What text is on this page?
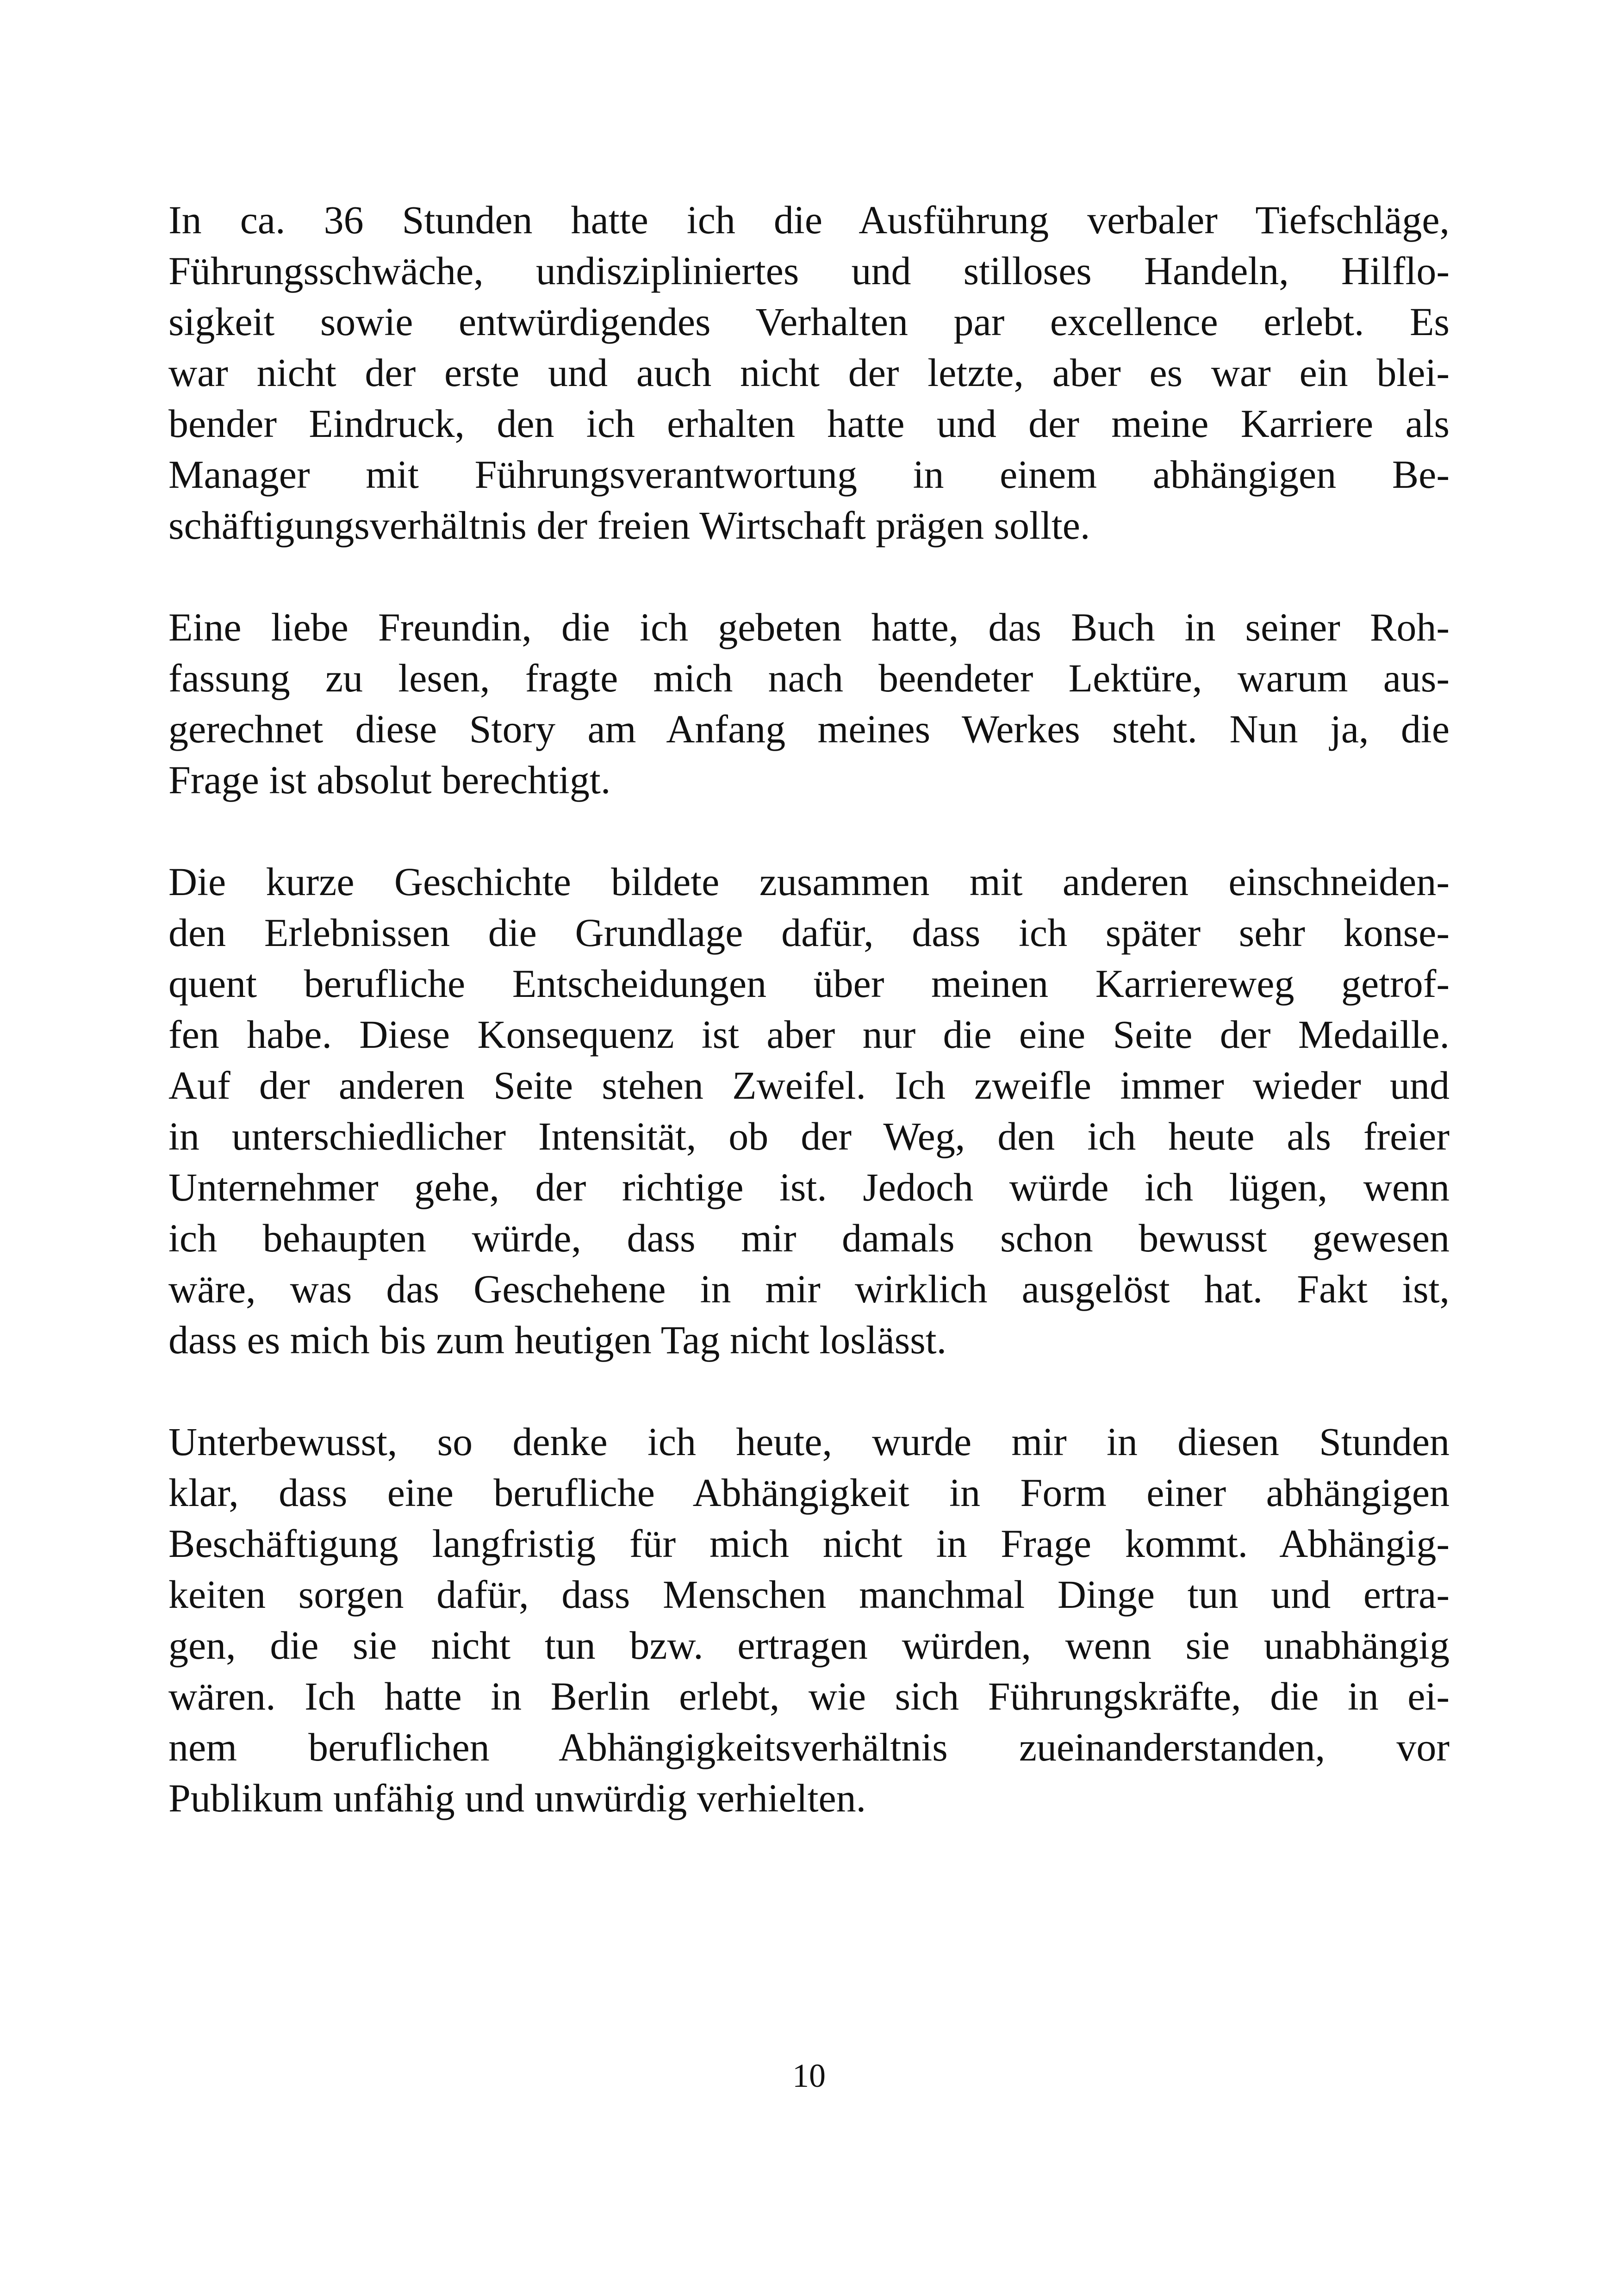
In ca. 36 Stunden hatte ich die Ausführung verbaler Tiefschläge,
Führungsschwäche, undiszipliniertes und stilloses Handeln, Hilflo-
sigkeit sowie entwürdigendes Verhalten par excellence erlebt. Es
war nicht der erste und auch nicht der letzte, aber es war ein blei-
bender Eindruck, den ich erhalten hatte und der meine Karriere als
Manager mit Führungsverantwortung in einem abhängigen Be-
schäftigungsverhältnis der freien Wirtschaft prägen sollte.

Eine liebe Freundin, die ich gebeten hatte, das Buch in seiner Roh-
fassung zu lesen, fragte mich nach beendeter Lektüre, warum aus-
gerechnet diese Story am Anfang meines Werkes steht. Nun ja, die
Frage ist absolut berechtigt.

Die kurze Geschichte bildete zusammen mit anderen einschneiden-
den Erlebnissen die Grundlage dafür, dass ich später sehr konse-
quent berufliche Entscheidungen über meinen Karriereweg getrof-
fen habe. Diese Konsequenz ist aber nur die eine Seite der Medaille.
Auf der anderen Seite stehen Zweifel. Ich zweifle immer wieder und
in unterschiedlicher Intensität, ob der Weg, den ich heute als freier
Unternehmer gehe, der richtige ist. Jedoch würde ich lügen, wenn
ich behaupten würde, dass mir damals schon bewusst gewesen
wäre, was das Geschehene in mir wirklich ausgelöst hat. Fakt ist,
dass es mich bis zum heutigen Tag nicht loslässt.

Unterbewusst, so denke ich heute, wurde mir in diesen Stunden
klar, dass eine berufliche Abhängigkeit in Form einer abhängigen
Beschäftigung langfristig für mich nicht in Frage kommt. Abhängig-
keiten sorgen dafür, dass Menschen manchmal Dinge tun und ertra-
gen, die sie nicht tun bzw. ertragen würden, wenn sie unabhängig
wären. Ich hatte in Berlin erlebt, wie sich Führungskräfte, die in ei-
nem beruflichen Abhängigkeitsverhältnis zueinanderstanden, vor
Publikum unfähig und unwürdig verhielten.

10
